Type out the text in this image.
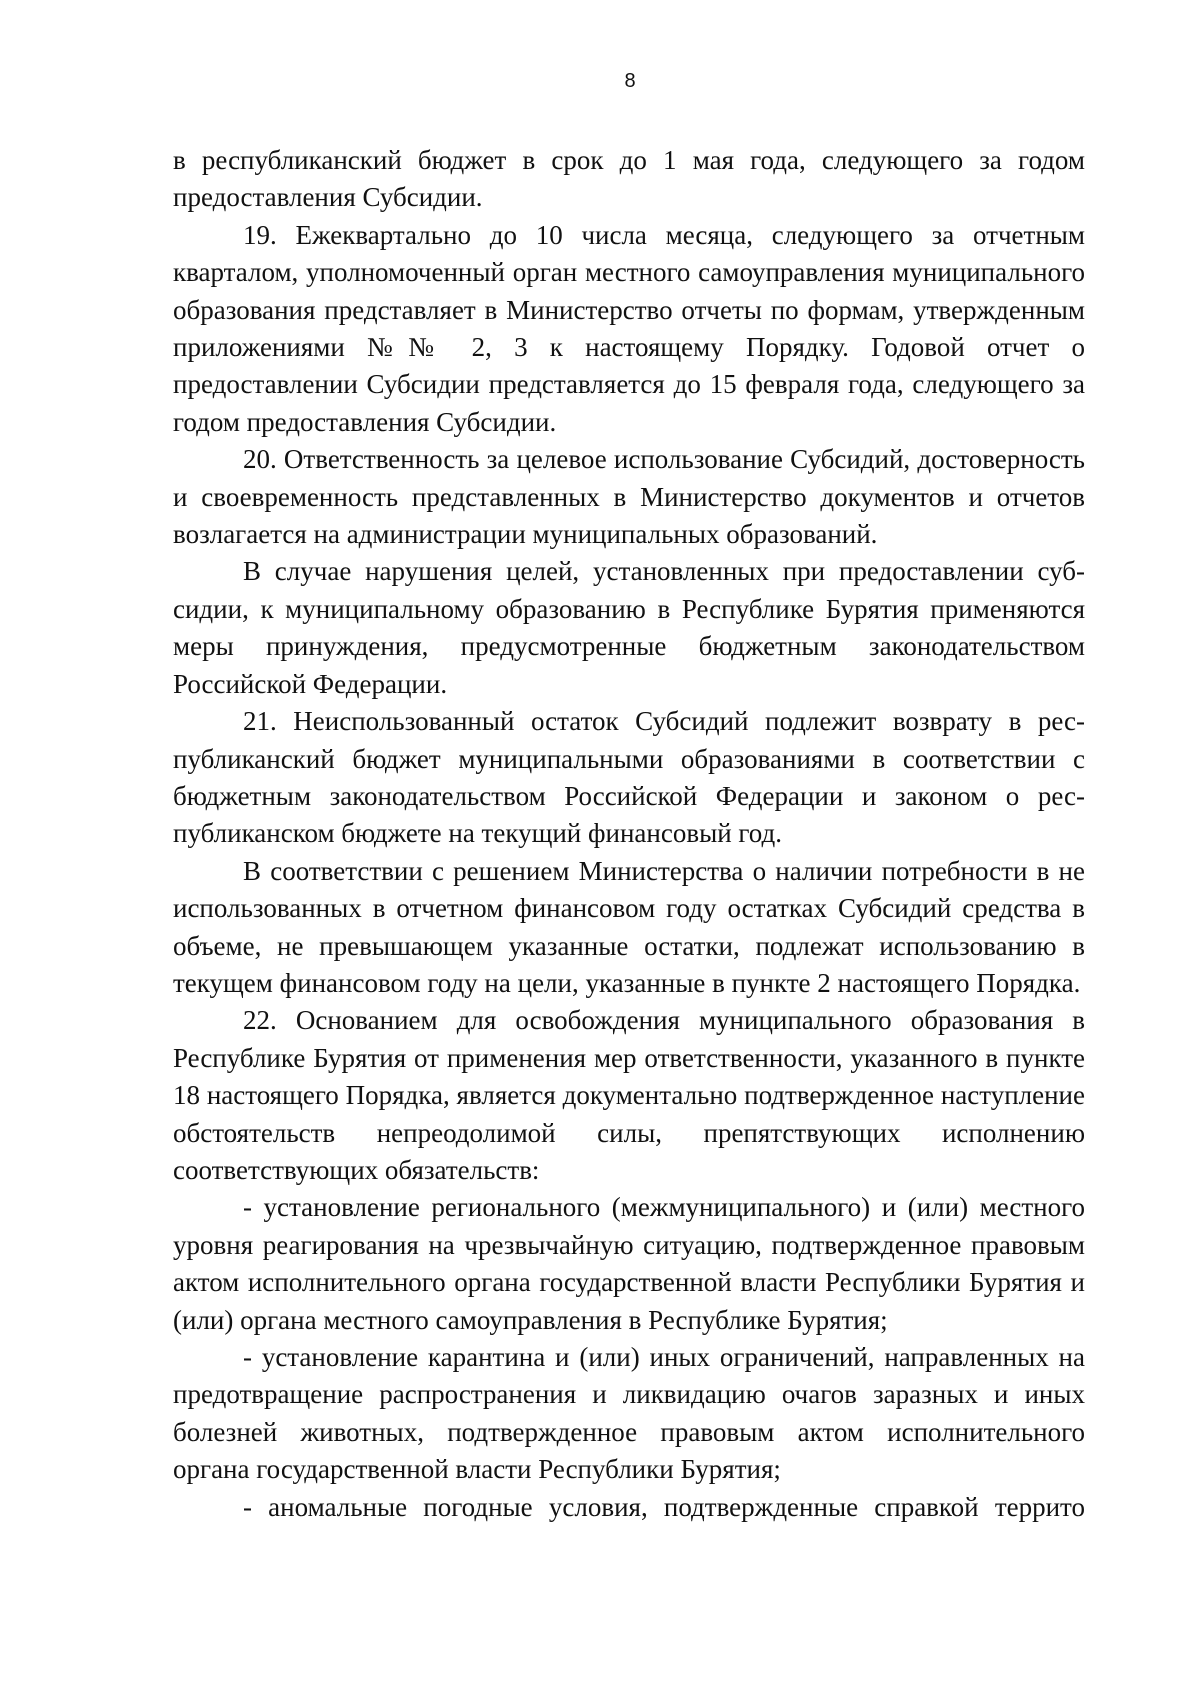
8

в республиканский бюджет в срок до 1 мая года, следующего за годом предоставления Субсидии.

19. Ежеквартально до 10 числа месяца, следующего за отчетным кварталом, уполномоченный орган местного самоуправления муниципального образования представляет в Министерство отчеты по формам, утвержденным приложениями №№ 2, 3 к настоящему Порядку. Годовой отчет о предоставлении Субсидии представляется до 15 февраля года, следующего за годом предоставления Субсидии.

20. Ответственность за целевое использование Субсидий, достоверность и своевременность представленных в Министерство документов и отчетов возлагается на администрации муниципальных образований.

В случае нарушения целей, установленных при предоставлении субсидии, к муниципальному образованию в Республике Бурятия применяются меры принуждения, предусмотренные бюджетным законодательством Российской Федерации.

21. Неиспользованный остаток Субсидий подлежит возврату в республиканский бюджет муниципальными образованиями в соответствии с бюджетным законодательством Российской Федерации и законом о республиканском бюджете на текущий финансовый год.

В соответствии с решением Министерства о наличии потребности в не использованных в отчетном финансовом году остатках Субсидий средства в объеме, не превышающем указанные остатки, подлежат использованию в текущем финансовом году на цели, указанные в пункте 2 настоящего Порядка.

22. Основанием для освобождения муниципального образования в Республике Бурятия от применения мер ответственности, указанного в пункте 18 настоящего Порядка, является документально подтвержденное наступление обстоятельств непреодолимой силы, препятствующих исполнению соответствующих обязательств:

- установление регионального (межмуниципального) и (или) местного уровня реагирования на чрезвычайную ситуацию, подтвержденное правовым актом исполнительного органа государственной власти Республики Бурятия и (или) органа местного самоуправления в Республике Бурятия;

- установление карантина и (или) иных ограничений, направленных на предотвращение распространения и ликвидацию очагов заразных и иных болезней животных, подтвержденное правовым актом исполнительного органа государственной власти Республики Бурятия;

- аномальные погодные условия, подтвержденные справкой террито
